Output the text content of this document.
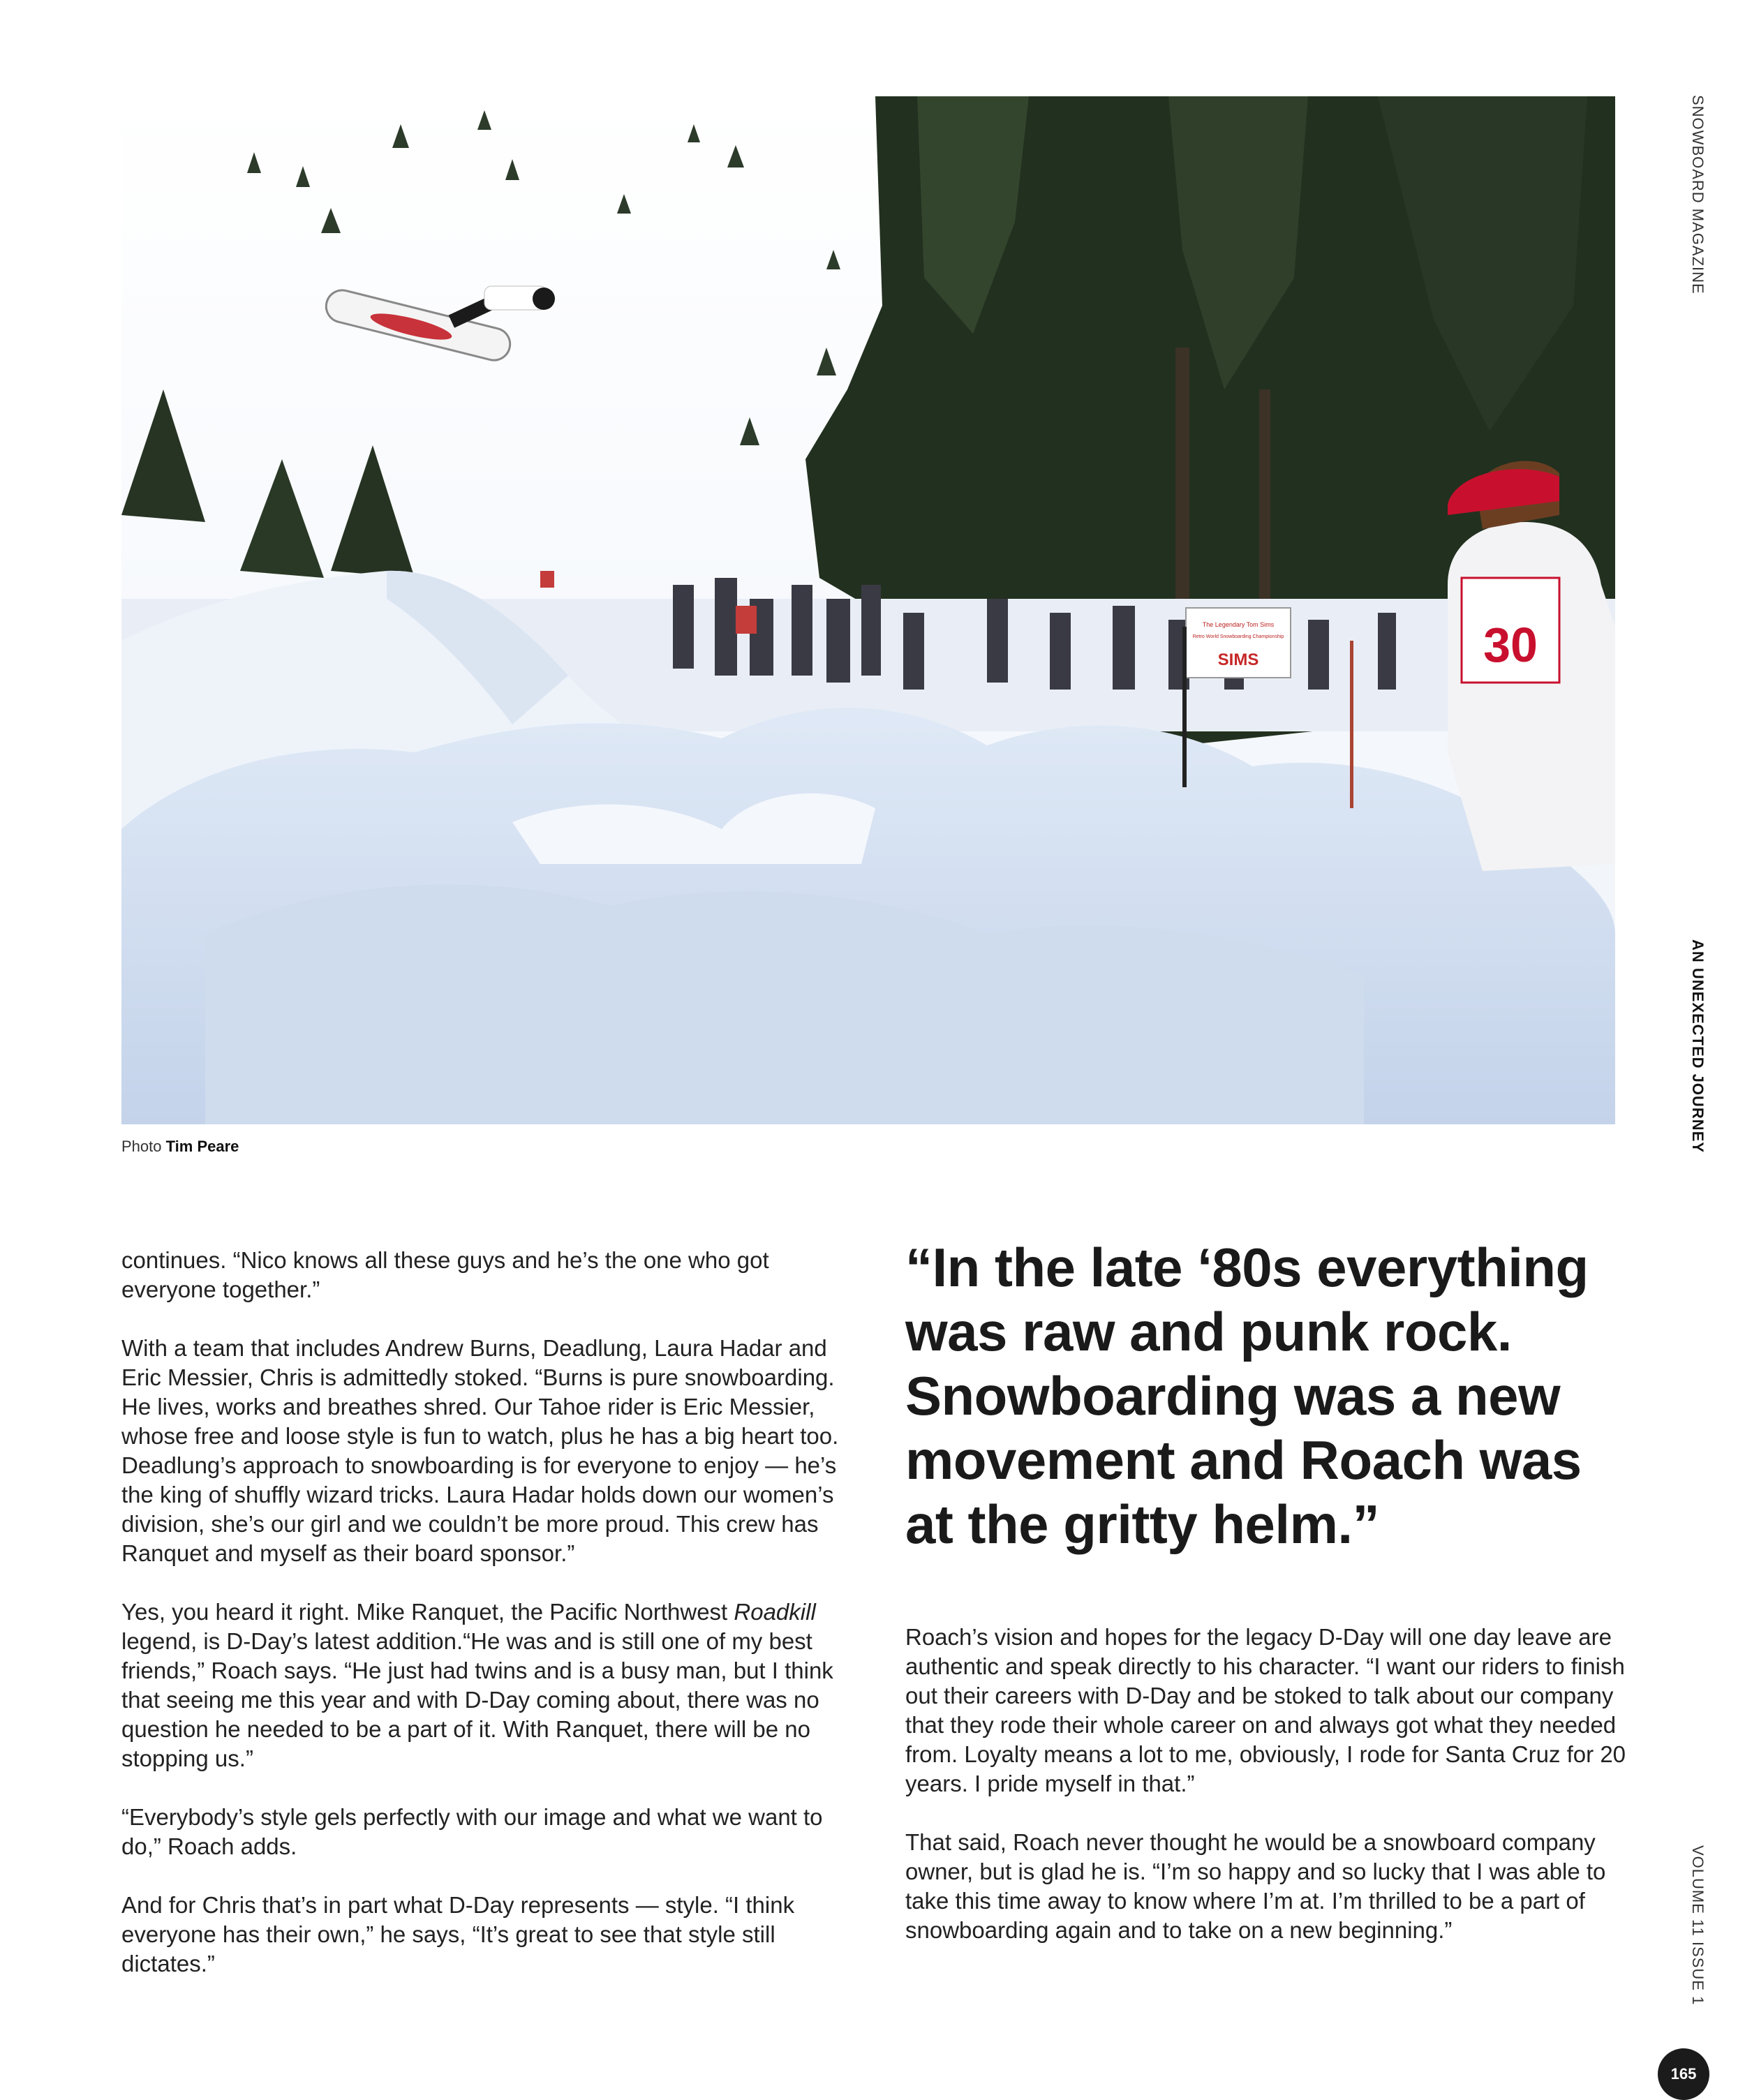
The Legendary Tom Sims
Retro World Snowboarding Championship
SIMS	30
Photo Tim Peare

continues. “Nico knows all these guys and he’s the one who got everyone together.”

With a team that includes Andrew Burns, Deadlung, Laura Hadar and Eric Messier, Chris is admittedly stoked. “Burns is pure snowboarding. He lives, works and breathes shred. Our Tahoe rider is Eric Messier, whose free and loose style is fun to watch, plus he has a big heart too. Deadlung’s approach to snowboarding is for everyone to enjoy — he’s the king of shuffly wizard tricks. Laura Hadar holds down our women’s division, she’s our girl and we couldn’t be more proud. This crew has Ranquet and myself as their board sponsor.”

Yes, you heard it right. Mike Ranquet, the Pacific Northwest Roadkill legend, is D-Day’s latest addition.“He was and is still one of my best friends,” Roach says. “He just had twins and is a busy man, but I think that seeing me this year and with D-Day coming about, there was no question he needed to be a part of it. With Ranquet, there will be no stopping us.”

“Everybody’s style gels perfectly with our image and what we want to do,” Roach adds.

And for Chris that’s in part what D-Day represents — style. “I think everyone has their own,” he says, “It’s great to see that style still dictates.”

“In the late ‘80s everything was raw and punk rock. Snowboarding was a new movement and Roach was at the gritty helm.”

Roach’s vision and hopes for the legacy D-Day will one day leave are authentic and speak directly to his character. “I want our riders to finish out their careers with D-Day and be stoked to talk about our company that they rode their whole career on and always got what they needed from. Loyalty means a lot to me, obviously, I rode for Santa Cruz for 20 years. I pride myself in that.”

That said, Roach never thought he would be a snowboard company owner, but is glad he is. “I’m so happy and so lucky that I was able to take this time away to know where I’m at. I’m thrilled to be a part of snowboarding again and to take on a new beginning.”

SNOWBOARD MAGAZINE
AN UNEXECTED JOURNEY
VOLUME 11 ISSUE 1
165
